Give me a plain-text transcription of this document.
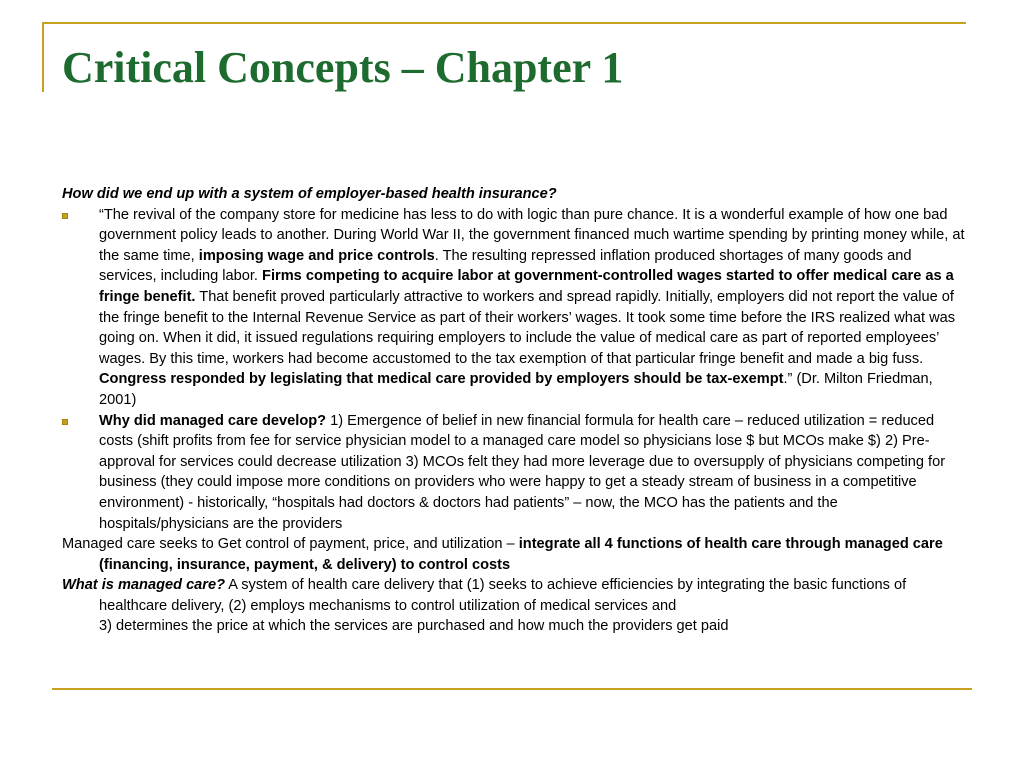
Critical Concepts – Chapter 1

How did we end up with a system of employer-based health insurance?

“The revival of the company store for medicine has less to do with logic than pure chance. It is a wonderful example of how one bad government policy leads to another. During World War II, the government financed much wartime spending by printing money while, at the same time, imposing wage and price controls. The resulting repressed inflation produced shortages of many goods and services, including labor. Firms competing to acquire labor at government-controlled wages started to offer medical care as a fringe benefit. That benefit proved particularly attractive to workers and spread rapidly. Initially, employers did not report the value of the fringe benefit to the Internal Revenue Service as part of their workers’ wages. It took some time before the IRS realized what was going on. When it did, it issued regulations requiring employers to include the value of medical care as part of reported employees’ wages. By this time, workers had become accustomed to the tax exemption of that particular fringe benefit and made a big fuss. Congress responded by legislating that medical care provided by employers should be tax-exempt.” (Dr. Milton Friedman, 2001)
Why did managed care develop? 1) Emergence of belief in new financial formula for health care – reduced utilization = reduced costs (shift profits from fee for service physician model to a managed care model so physicians lose $ but MCOs make $) 2) Pre-approval for services could decrease utilization 3) MCOs felt they had more leverage due to oversupply of physicians competing for business (they could impose more conditions on providers who were happy to get a steady stream of business in a competitive environment) - historically, “hospitals had doctors & doctors had patients” – now, the MCO has the patients and the hospitals/physicians are the providers

Managed care seeks to Get control of payment, price, and utilization – integrate all 4 functions of health care through managed care (financing, insurance, payment, & delivery) to control costs

What is managed care? A system of health care delivery that (1) seeks to achieve efficiencies by integrating the basic functions of healthcare delivery, (2) employs mechanisms to control utilization of medical services and
3) determines the price at which the services are purchased and how much the providers get paid
